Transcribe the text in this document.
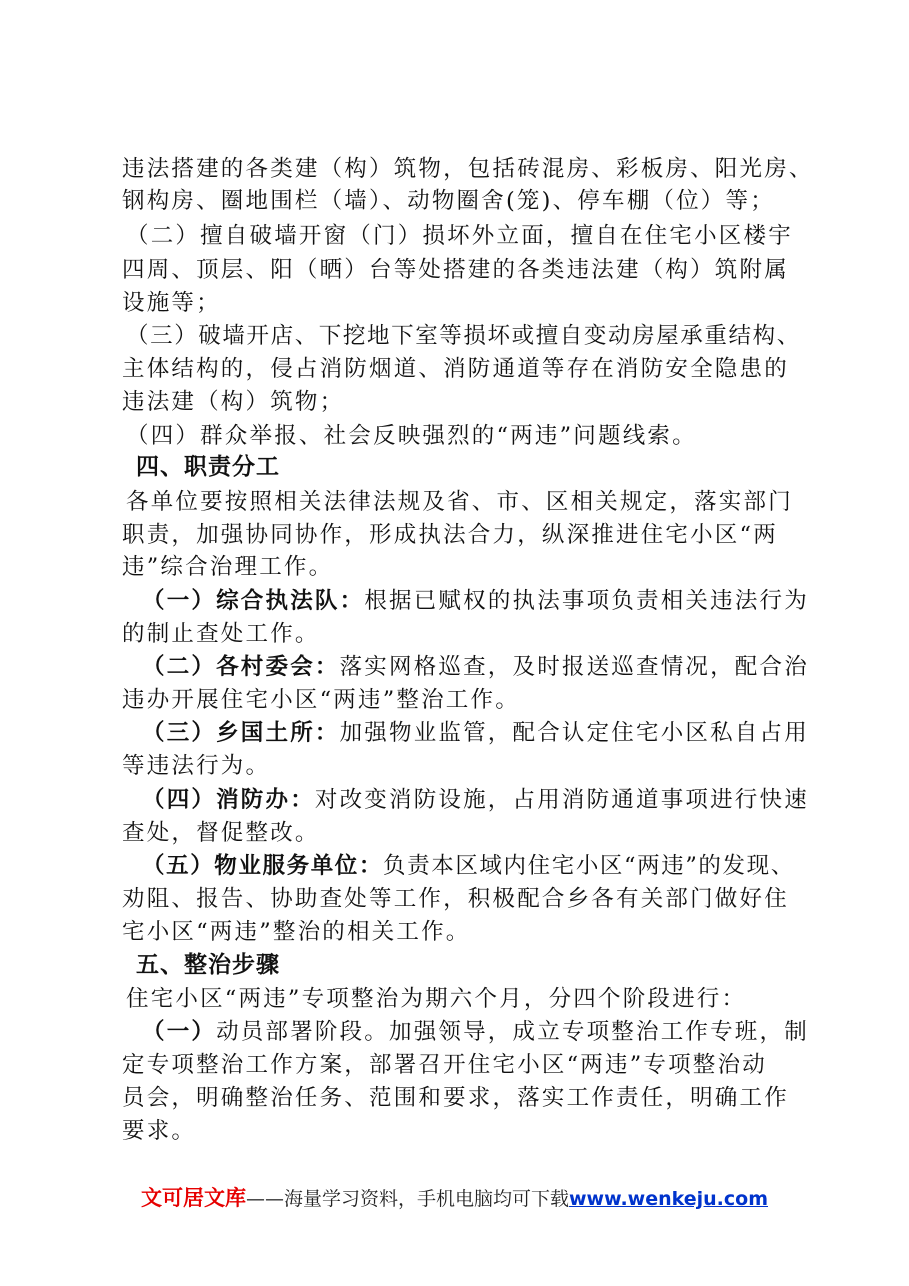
违法搭建的各类建（构）筑物，包括砖混房、彩板房、阳光房、
钢构房、圈地围栏（墙）、动物圈舍(笼)、停车棚（位）等；
（二）擅自破墙开窗（门）损坏外立面，擅自在住宅小区楼宇
四周、顶层、阳（晒）台等处搭建的各类违法建（构）筑附属
设施等；
（三）破墙开店、下挖地下室等损坏或擅自变动房屋承重结构、
主体结构的，侵占消防烟道、消防通道等存在消防安全隐患的
违法建（构）筑物；
（四）群众举报、社会反映强烈的“两违”问题线索。
四、职责分工
各单位要按照相关法律法规及省、市、区相关规定，落实部门
职责，加强协同协作，形成执法合力，纵深推进住宅小区“两
违”综合治理工作。
（一）综合执法队：根据已赋权的执法事项负责相关违法行为
的制止查处工作。
（二）各村委会：落实网格巡查，及时报送巡查情况，配合治
违办开展住宅小区“两违”整治工作。
（三）乡国土所：加强物业监管，配合认定住宅小区私自占用
等违法行为。
（四）消防办：对改变消防设施，占用消防通道事项进行快速
查处，督促整改。
（五）物业服务单位：负责本区域内住宅小区“两违”的发现、
劝阻、报告、协助查处等工作，积极配合乡各有关部门做好住
宅小区“两违”整治的相关工作。
五、整治步骤
住宅小区“两违”专项整治为期六个月，分四个阶段进行：
（一）动员部署阶段。加强领导，成立专项整治工作专班，制
定专项整治工作方案，部署召开住宅小区“两违”专项整治动
员会，明确整治任务、范围和要求，落实工作责任，明确工作
要求。
文可居文库——海量学习资料，手机电脑均可下载www.wenkeju.com
